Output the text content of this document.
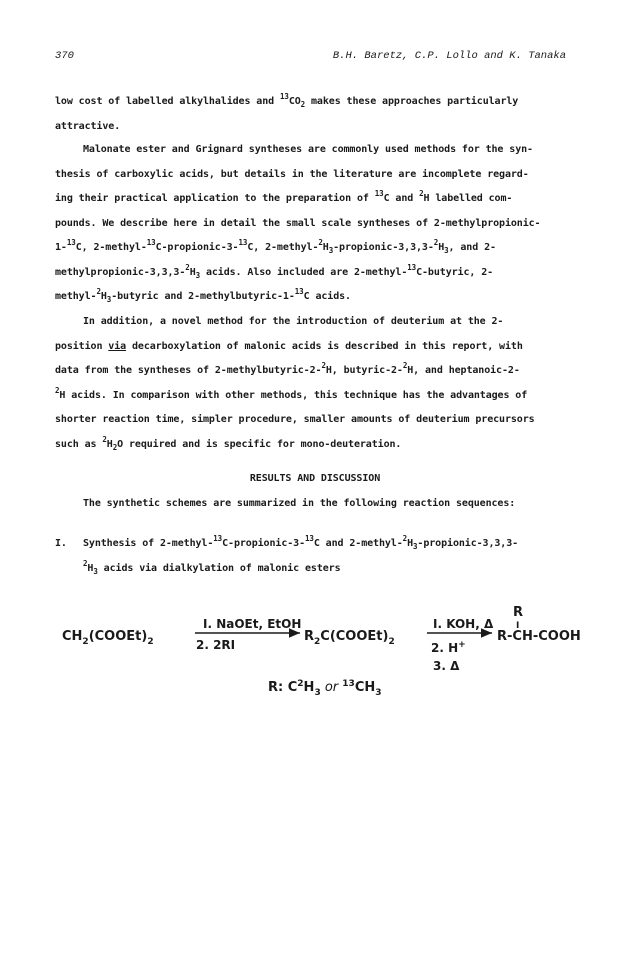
370	B.H. Baretz, C.P. Lollo and K. Tanaka
low cost of labelled alkylhalides and $^{13}CO_2$ makes these approaches particularly
attractive.
Malonate ester and Grignard syntheses are commonly used methods for the syn-
thesis of carboxylic acids, but details in the literature are incomplete regard-
ing their practical application to the preparation of $^{13}$C and $^2$H labelled com-
pounds. We describe here in detail the small scale syntheses of 2-methylpropionic-
1-$^{13}$C, 2-methyl-$^{13}$C-propionic-3-$^{13}$C, $2-methyl-^2H_3-propionic-3,3,3-^2H_3$, and 2-
methylpropionic-$3,3,3-^2H_3$ acids. Also included are 2-methyl-$^{13}$C-butyric, 2-
methyl-$^2H_3$-butyric and 2-methylbutyric-1-$^{13}$C acids.
In addition, a novel method for the introduction of deuterium at the 2-
position via decarboxylation of malonic acids is described in this report, with
data from the syntheses of 2-methylbutyric-2-$^2$H, butyric-2-$^2$H, and heptanoic-2-
$^2$H acids. In comparison with other methods, this technique has the advantages of
shorter reaction time, simpler procedure, smaller amounts of deuterium precursors
such as $^2H_2O$ required and is specific for mono-deuteration.
RESULTS AND DISCUSSION
The synthetic schemes are summarized in the following reaction sequences:
I. Synthesis of 2-methyl-$^{13}$C-propionic-3-$^{13}$C and $2-methyl-^2H_3-propionic-3,3,3-$
$^2H_3$ acids via dialkylation of malonic esters
$CH_2(COOEt)_2$
I. NaOEt, EtOH
2. 2RI
$R_2C(COOEt)_2$
I. KOH, Δ
2. H+
3. Δ
R
I
R-CH-COOH
R: $C^2H_3$ or $^{13}CH_3$
